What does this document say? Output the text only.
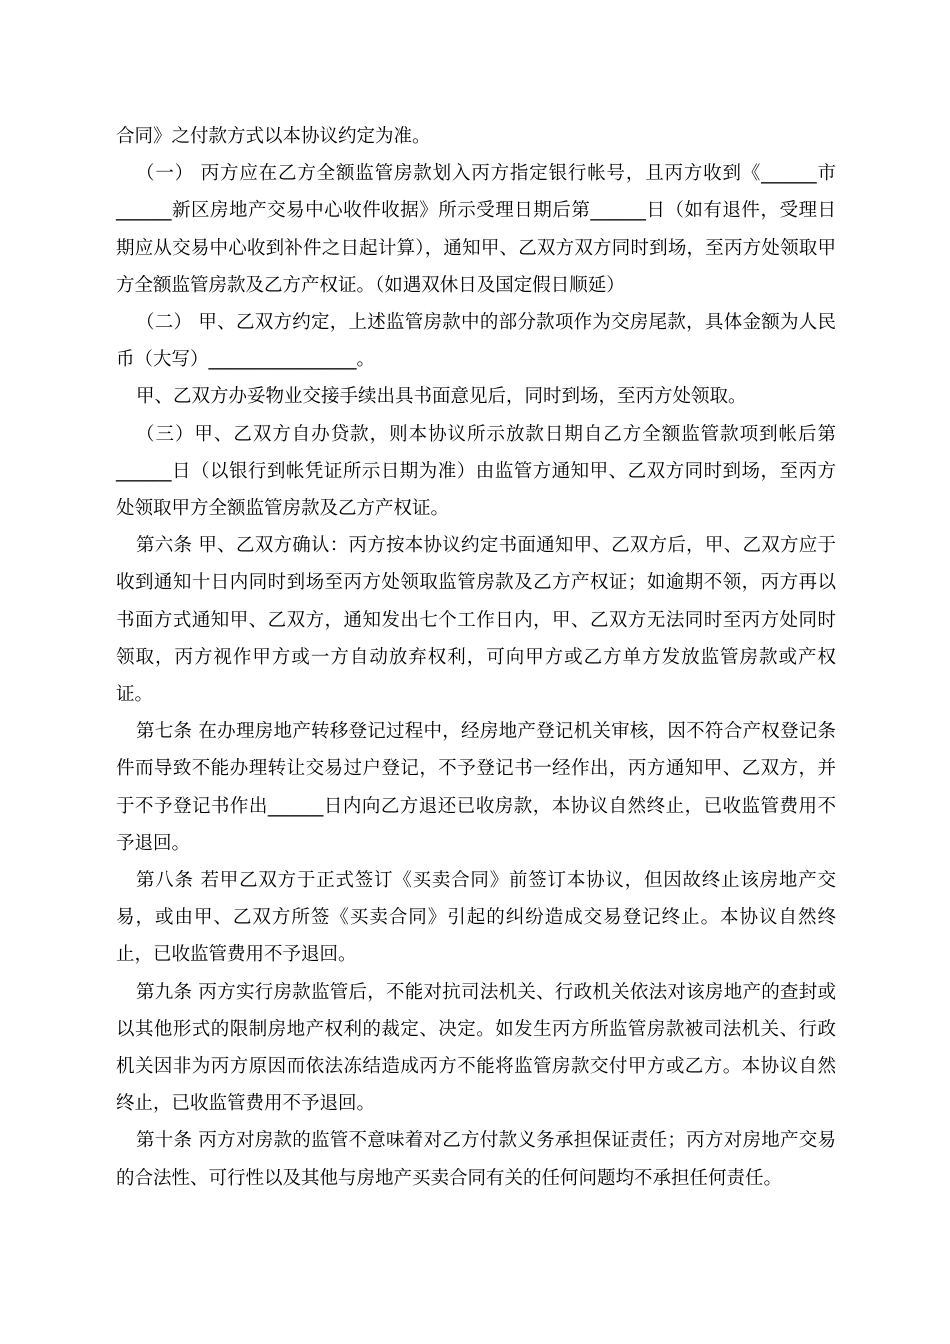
合同》之付款方式以本协议约定为准。

（一） 丙方应在乙方全额监管房款划入丙方指定银行帐号，且丙方收到《______市______新区房地产交易中心收件收据》所示受理日期后第______日（如有退件，受理日期应从交易中心收到补件之日起计算），通知甲、乙双方双方同时到场，至丙方处领取甲方全额监管房款及乙方产权证。（如遇双休日及国定假日顺延）

（二） 甲、乙双方约定，上述监管房款中的部分款项作为交房尾款，具体金额为人民币（大写）________________。

甲、乙双方办妥物业交接手续出具书面意见后，同时到场，至丙方处领取。

（三）甲、乙双方自办贷款，则本协议所示放款日期自乙方全额监管款项到帐后第______日（以银行到帐凭证所示日期为准）由监管方通知甲、乙双方同时到场，至丙方处领取甲方全额监管房款及乙方产权证。

第六条 甲、乙双方确认：丙方按本协议约定书面通知甲、乙双方后，甲、乙双方应于收到通知十日内同时到场至丙方处领取监管房款及乙方产权证；如逾期不领，丙方再以书面方式通知甲、乙双方，通知发出七个工作日内，甲、乙双方无法同时至丙方处同时领取，丙方视作甲方或一方自动放弃权利，可向甲方或乙方单方发放监管房款或产权证。

第七条 在办理房地产转移登记过程中，经房地产登记机关审核，因不符合产权登记条件而导致不能办理转让交易过户登记，不予登记书一经作出，丙方通知甲、乙双方，并于不予登记书作出______日内向乙方退还已收房款，本协议自然终止，已收监管费用不予退回。

第八条 若甲乙双方于正式签订《买卖合同》前签订本协议，但因故终止该房地产交易，或由甲、乙双方所签《买卖合同》引起的纠纷造成交易登记终止。本协议自然终止，已收监管费用不予退回。

第九条 丙方实行房款监管后，不能对抗司法机关、行政机关依法对该房地产的查封或以其他形式的限制房地产权利的裁定、决定。如发生丙方所监管房款被司法机关、行政机关因非为丙方原因而依法冻结造成丙方不能将监管房款交付甲方或乙方。本协议自然终止，已收监管费用不予退回。

第十条 丙方对房款的监管不意味着对乙方付款义务承担保证责任；丙方对房地产交易的合法性、可行性以及其他与房地产买卖合同有关的任何问题均不承担任何责任。
